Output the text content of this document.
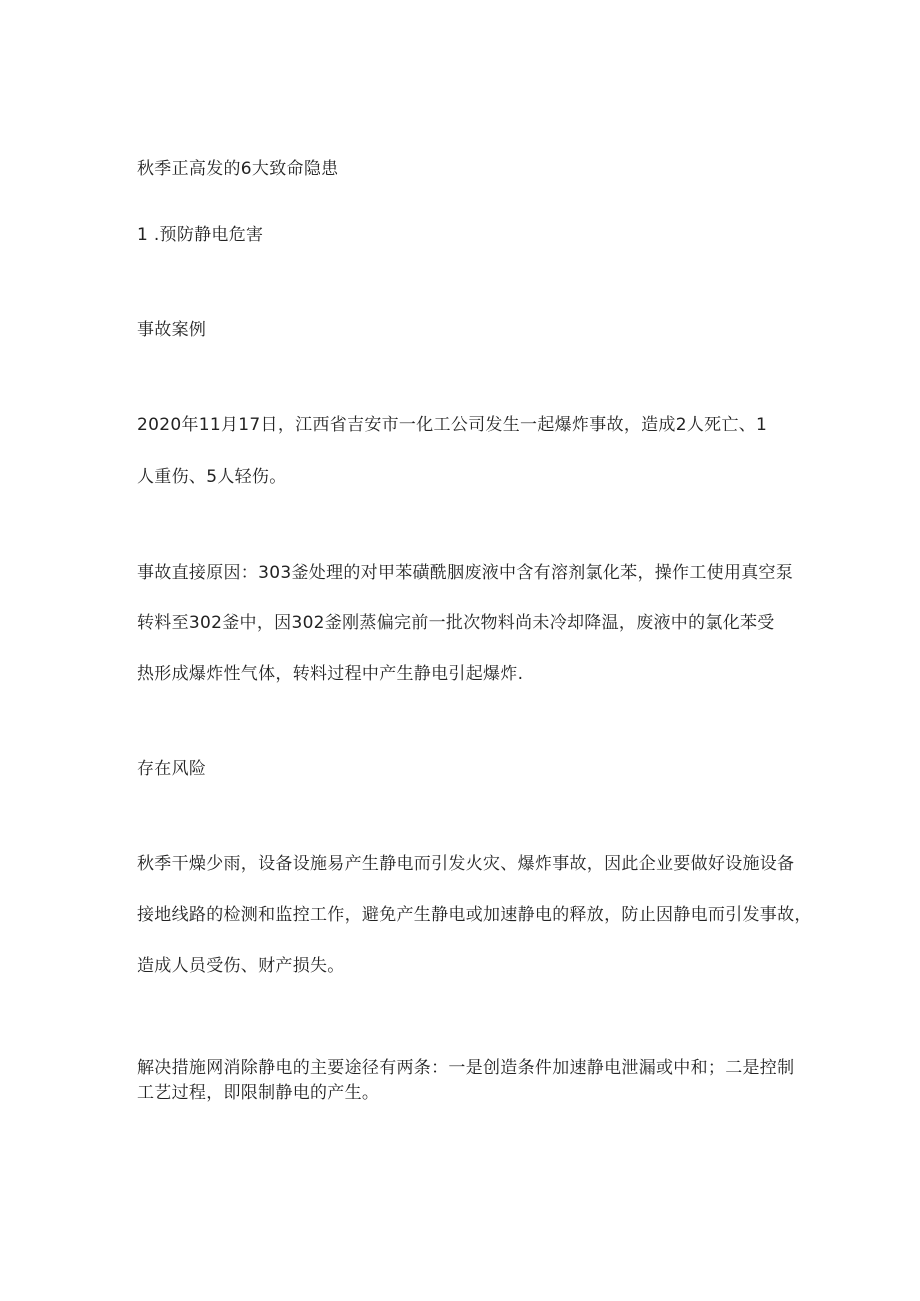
秋季正高发的6大致命隐患

1 .预防静电危害

事故案例

2020年11月17日，江西省吉安市一化工公司发生一起爆炸事故，造成2人死亡、1

人重伤、5人轻伤。

事故直接原因：303釜处理的对甲苯磺酰胭废液中含有溶剂氯化苯，操作工使用真空泵

转料至302釜中，因302釜刚蒸偏完前一批次物料尚未冷却降温，废液中的氯化苯受

热形成爆炸性气体，转料过程中产生静电引起爆炸.

存在风险

秋季干燥少雨，设备设施易产生静电而引发火灾、爆炸事故，因此企业要做好设施设备

接地线路的检测和监控工作，避免产生静电或加速静电的释放，防止因静电而引发事故，

造成人员受伤、财产损失。

解决措施网消除静电的主要途径有两条：一是创造条件加速静电泄漏或中和；二是控制

工艺过程，即限制静电的产生。
